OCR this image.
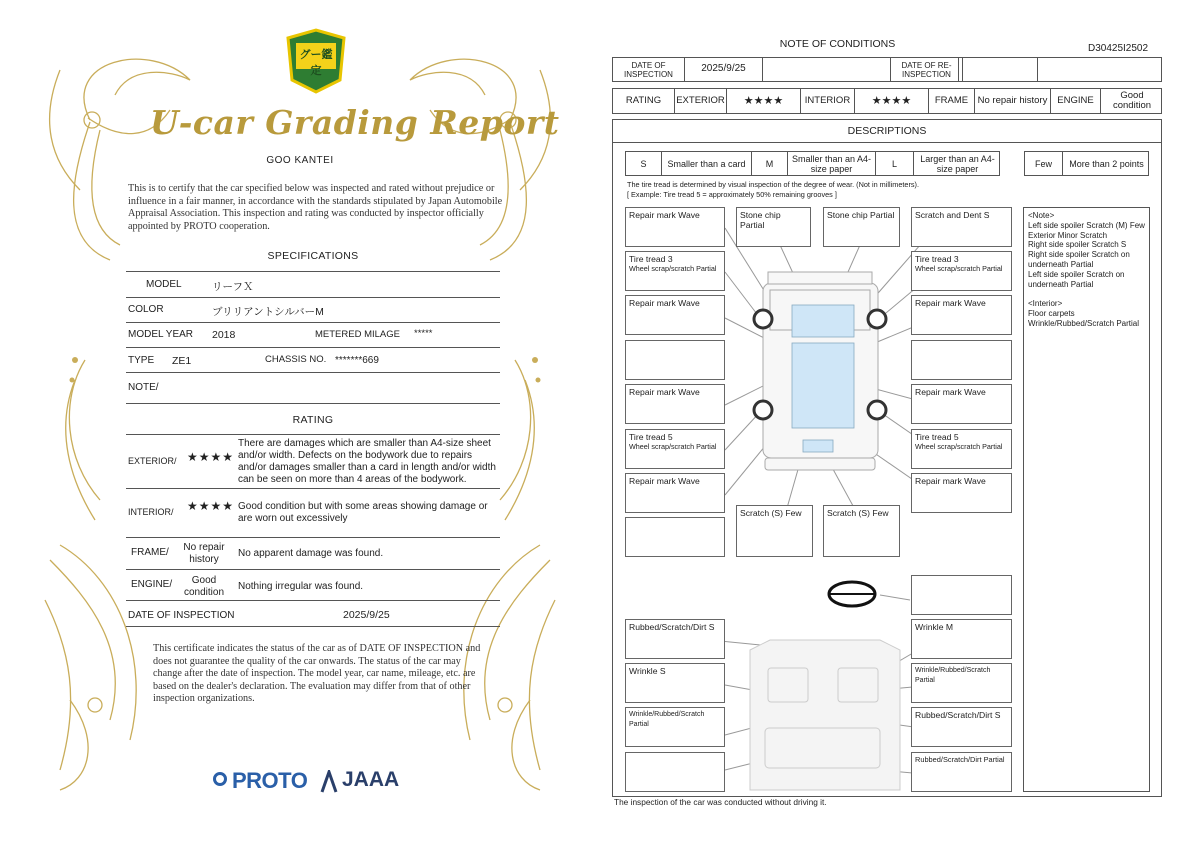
グー鑑定
U-car Grading Report
GOO KANTEI
This is to certify that the car specified below was inspected and rated without prejudice or influence in a fair manner, in accordance with the standards stipulated by Japan Automobile Appraisal Association. This inspection and rating was conducted by inspector officially appointed by PROTO cooperation.
SPECIFICATIONS
MODEL	リーフＸ
COLOR	ブリリアントシルバーM
MODEL YEAR 2018	METERED MILAGE *****
TYPE ZE1	CHASSIS NO. *******669
NOTE/
RATING
EXTERIOR/ ★★★★
There are damages which are smaller than A4-size sheet and/or width. Defects on the bodywork due to repairs and/or damages smaller than a card in length and/or width can be seen on more than 4 areas of the bodywork.
INTERIOR/ ★★★★ Good condition but with some areas showing damage or are worn out excessively
FRAME/	No repair history
No apparent damage was found.
ENGINE/	Good condition
Nothing irregular was found.
DATE OF INSPECTION	2025/9/25
This certificate indicates the status of the car as of DATE OF INSPECTION and does not guarantee the quality of the car onwards. The status of the car may change after the date of inspection. The model year, car name, mileage, etc. are based on the dealer's declaration. The evaluation may differ from that of other inspection organizations.
PROTO JAAA
NOTE OF CONDITIONS	D30425I2502
DATE OF INSPECTION	2025/9/25	DATE OF RE-INSPECTION
RATING	EXTERIOR	★★★★	INTERIOR	★★★★	FRAME	No repair history	ENGINE	Good condition
DESCRIPTIONS
S	Smaller than a card	M	Smaller than an A4-size paper	L	Larger than an A4-size paper	Few	More than 2 points
The tire tread is determined by visual inspection of the degree of wear. (Not in millimeters).
[ Example: Tire tread 5 = approximately 50% remaining grooves ]
Repair mark Wave	Stone chip Partial
Stone chip Partial	Scratch and Dent S
Tire tread 3
Wheel scrap/scratch Partial
Tire tread 3
Wheel scrap/scratch Partial
Repair mark Wave	Repair mark Wave
Repair mark Wave	Repair mark Wave
Tire tread 5
Wheel scrap/scratch Partial
Tire tread 5
Wheel scrap/scratch Partial
Repair mark Wave	Repair mark Wave
Scratch (S) Few	Scratch (S) Few
Rubbed/Scratch/Dirt S	Wrinkle M
Wrinkle S	Wrinkle/Rubbed/Scratch Partial
Wrinkle/Rubbed/Scratch Partial
Rubbed/Scratch/Dirt S
Rubbed/Scratch/Dirt Partial
<Note>
Left side spoiler Scratch (M) Few
Exterior Minor Scratch
Right side spoiler Scratch S
Right side spoiler Scratch on underneath Partial
Left side spoiler Scratch on underneath Partial
<Interior>
Floor carpets
Wrinkle/Rubbed/Scratch Partial
The inspection of the car was conducted without driving it.
